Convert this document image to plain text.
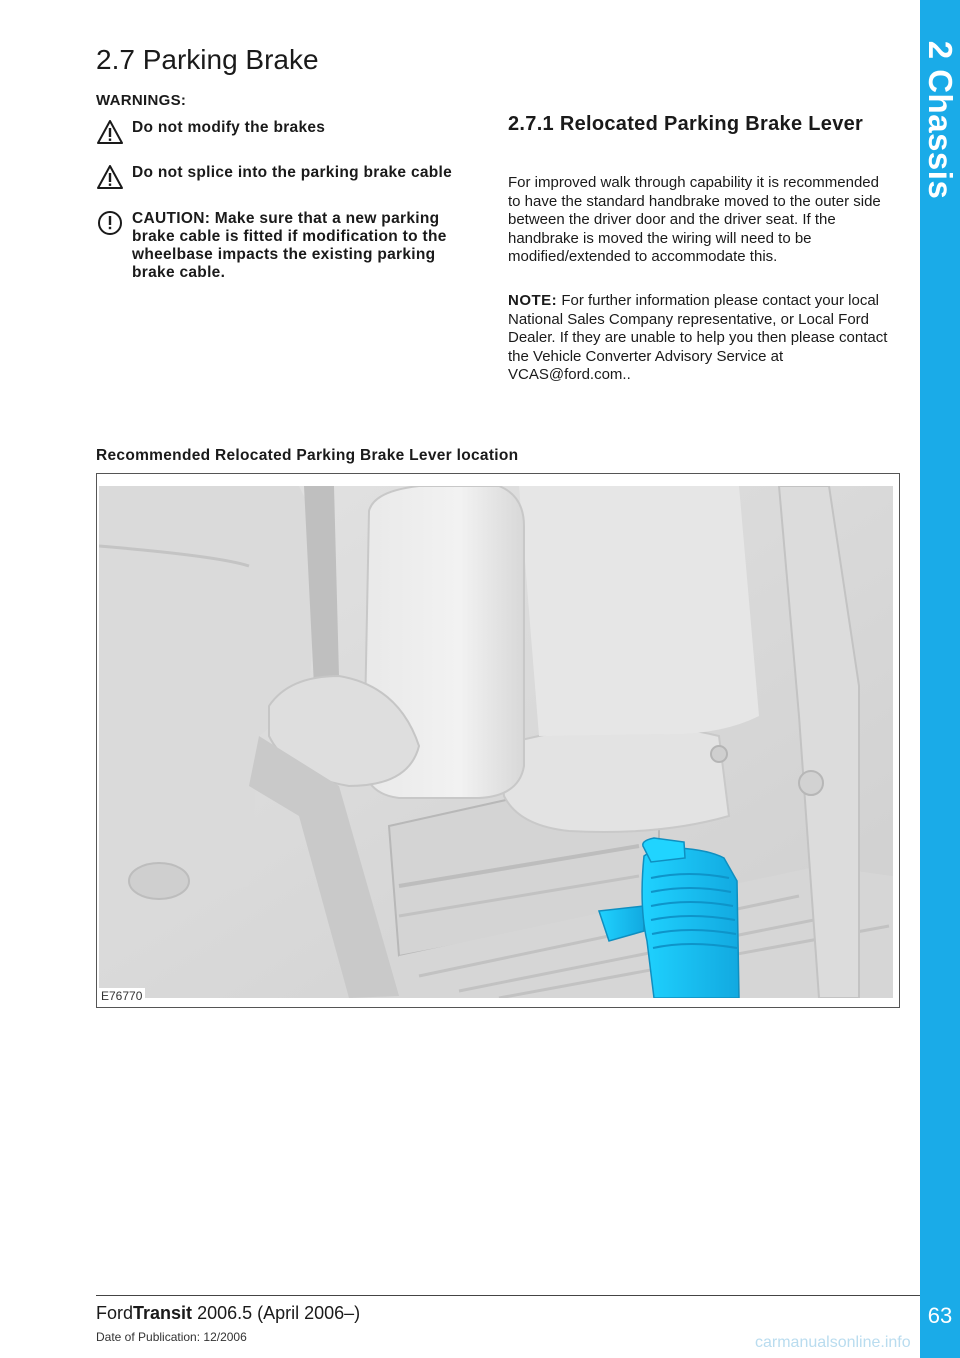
2 Chassis
63
2.7 Parking Brake
WARNINGS:
Do not modify the brakes
Do not splice into the parking brake cable
CAUTION: Make sure that a new parking brake cable is fitted if modification to the wheelbase impacts the existing parking brake cable.
2.7.1 Relocated Parking Brake Lever
For improved walk through capability it is recommended to have the standard handbrake moved to the outer side between the driver door and the driver seat. If the handbrake is moved the wiring will need to be modified/extended to accommodate this.
NOTE: For further information please contact your local National Sales Company representative, or Local Ford Dealer. If they are unable to help you then please contact the Vehicle Converter Advisory Service at VCAS@ford.com..
Recommended Relocated Parking Brake Lever location
E76770
FordTransit 2006.5 (April 2006–)
Date of Publication: 12/2006	carmanualsonline.info
